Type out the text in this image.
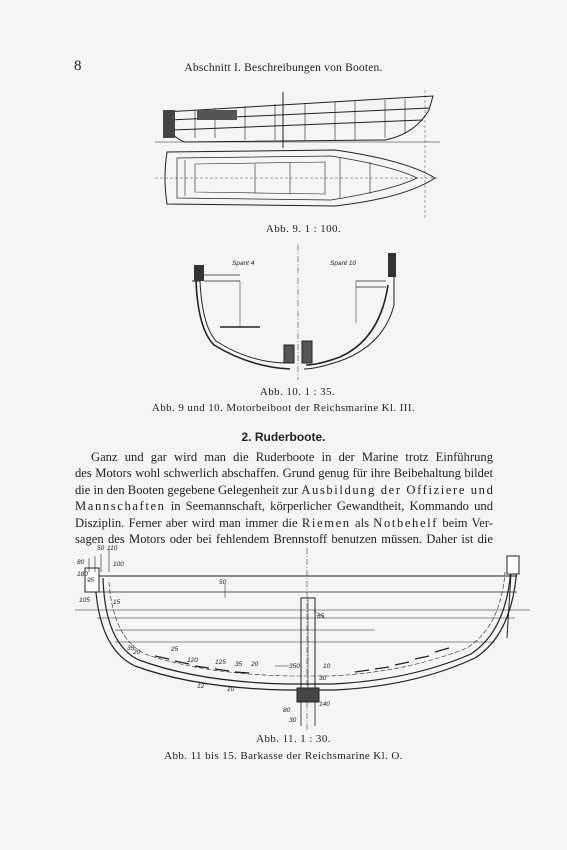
8	Abschnitt I. Beschreibungen von Booten.
Abb. 9. 1 : 100.
Spant 4	Spant 10
Abb. 10. 1 : 35.
Abb. 9 und 10. Motorbeiboot der Reichsmarine Kl. III.
2. Ruderboote.
Ganz und gar wird man die Ruderboote in der Marine trotz Einführung
des Motors wohl schwerlich abschaffen. Grund genug für ihre Beibehaltung bildet
die in den Booten gegebene Gelegenheit zur Ausbildung der Offiziere und
Mannschaften in Seemannschaft, körperlicher Gewandtheit, Kommando und
Disziplin. Ferner aber wird man immer die Riemen als Notbehelf beim Ver-
sagen des Motors oder bei fehlendem Brennstoff benutzen müssen. Daher ist die
50 110
80	100
95
180
105	15
50
65
25
20
35
120	125 35 20	350	10
30
12	10
80
30
140
Abb. 11. 1 : 30.
Abb. 11 bis 15. Barkasse der Reichsmarine Kl. O.
